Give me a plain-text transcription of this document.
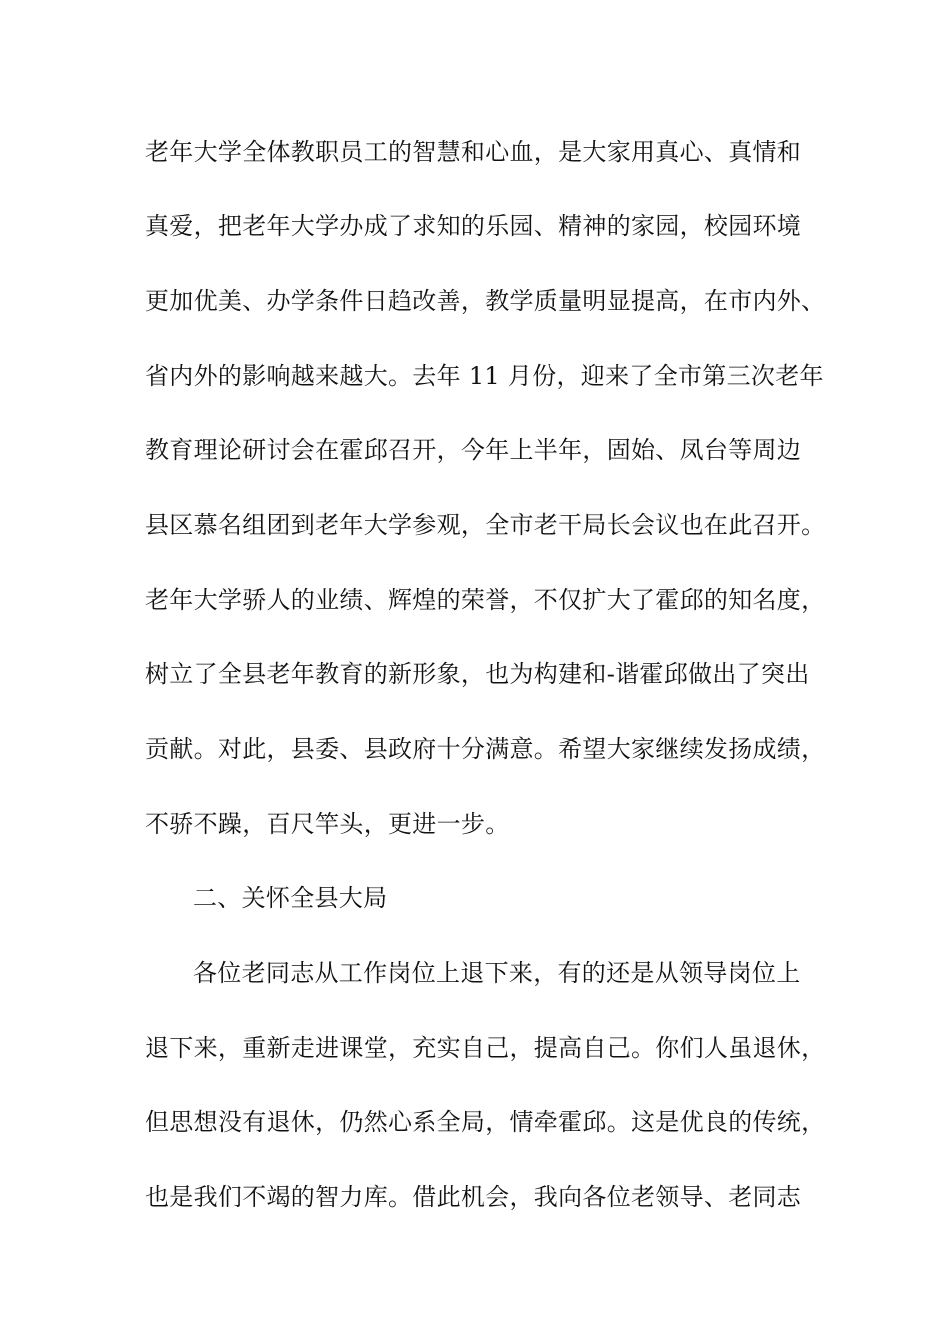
老年大学全体教职员工的智慧和心血，是大家用真心、真情和
真爱，把老年大学办成了求知的乐园、精神的家园，校园环境
更加优美、办学条件日趋改善，教学质量明显提高，在市内外、
省内外的影响越来越大。去年 11 月份，迎来了全市第三次老年
教育理论研讨会在霍邱召开，今年上半年，固始、凤台等周边
县区慕名组团到老年大学参观，全市老干局长会议也在此召开。
老年大学骄人的业绩、辉煌的荣誉，不仅扩大了霍邱的知名度，
树立了全县老年教育的新形象，也为构建和-谐霍邱做出了突出
贡献。对此，县委、县政府十分满意。希望大家继续发扬成绩，
不骄不躁，百尺竿头，更进一步。
二、关怀全县大局
各位老同志从工作岗位上退下来，有的还是从领导岗位上
退下来，重新走进课堂，充实自己，提高自己。你们人虽退休，
但思想没有退休，仍然心系全局，情牵霍邱。这是优良的传统，
也是我们不竭的智力库。借此机会，我向各位老领导、老同志
